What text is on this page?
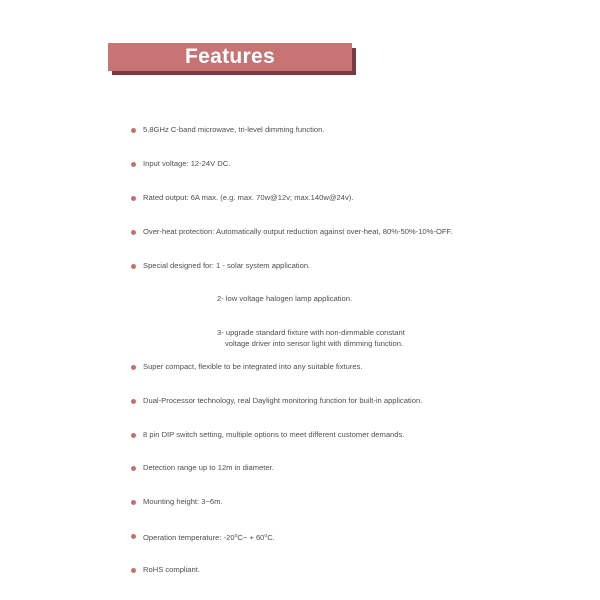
Features
5.8GHz C-band microwave, tri-level dimming function.
Input voltage: 12-24V DC.
Rated output: 6A max. (e.g. max. 70w@12v; max.140w@24v).
Over-heat protection: Automatically output reduction against over-heat, 80%-50%-10%-OFF.
Special designed for: 1 - solar system application.
2- low voltage halogen lamp application.
3- upgrade standard fixture with non-dimmable constant
voltage driver into sensor light with dimming function.
Super compact, flexible to be integrated into any suitable fixtures.
Dual-Processor technology, real Daylight monitoring function for built-in application.
8 pin DIP switch setting, multiple options to meet different customer demands.
Detection range up to 12m in diameter.
Mounting height: 3~6m.
Operation temperature: $-20^oC\sim + 60^oC$.
RoHS compliant.
